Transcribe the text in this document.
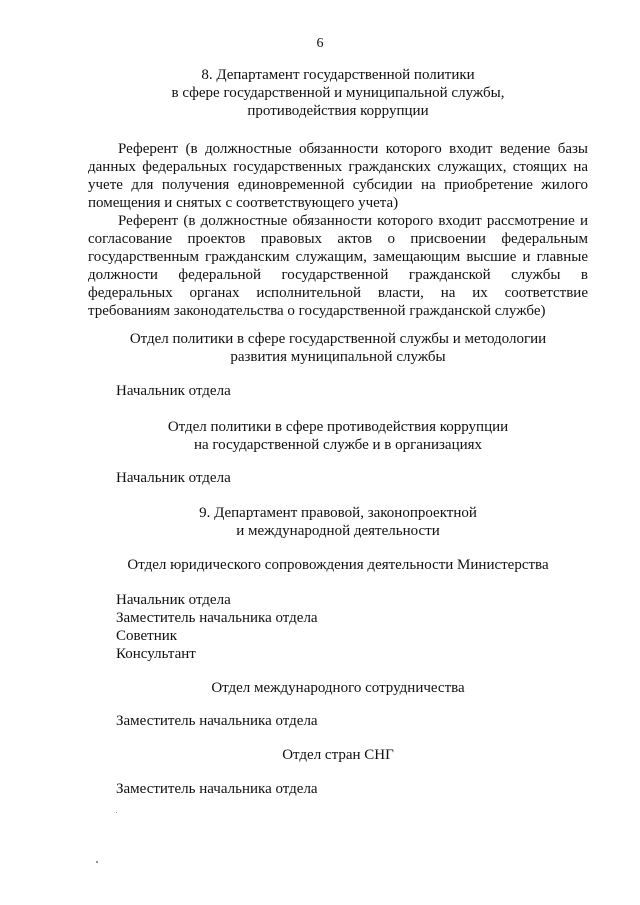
6
8. Департамент государственной политики
в сфере государственной и муниципальной службы,
противодействия коррупции
Референт (в должностные обязанности которого входит ведение базы данных федеральных государственных гражданских служащих, стоящих на учете для получения единовременной субсидии на приобретение жилого помещения и снятых с соответствующего учета)
Референт (в должностные обязанности которого входит рассмотрение и согласование проектов правовых актов о присвоении федеральным государственным гражданским служащим, замещающим высшие и главные должности федеральной государственной гражданской службы в федеральных органах исполнительной власти, на их соответствие требованиям законодательства о государственной гражданской службе)
Отдел политики в сфере государственной службы и методологии
развития муниципальной службы
Начальник отдела
Отдел политики в сфере противодействия коррупции
на государственной службе и в организациях
Начальник отдела
9. Департамент правовой, законопроектной
и международной деятельности
Отдел юридического сопровождения деятельности Министерства
Начальник отдела
Заместитель начальника отдела
Советник
Консультант
Отдел международного сотрудничества
Заместитель начальника отдела
Отдел стран СНГ
Заместитель начальника отдела
